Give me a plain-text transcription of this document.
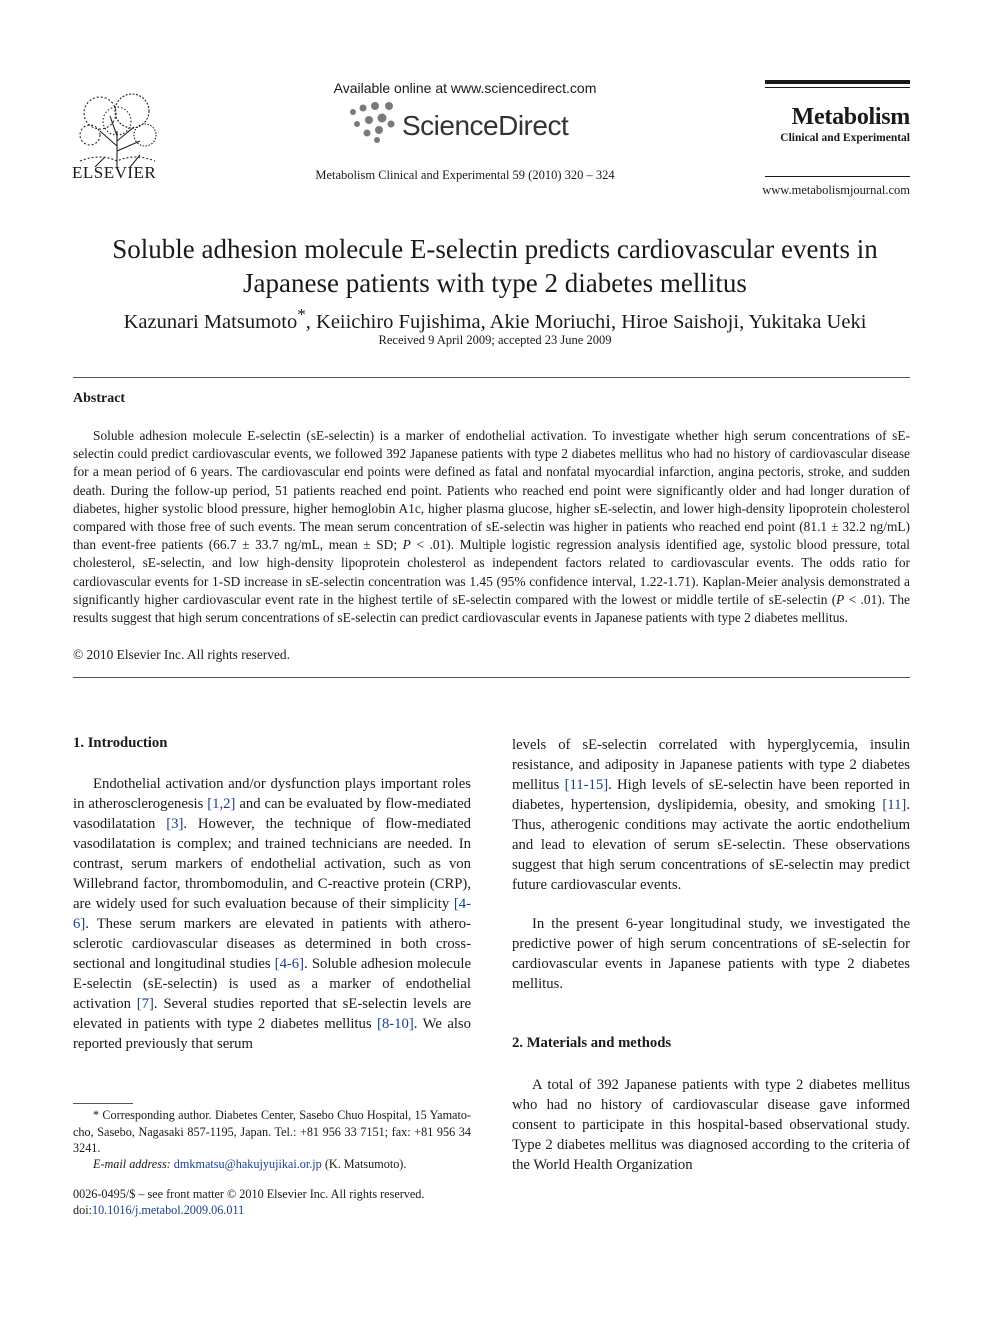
ELSEVIER
Available online at www.sciencedirect.com
ScienceDirect
Metabolism Clinical and Experimental 59 (2010) 320 – 324
Metabolism
Clinical and Experimental
www.metabolismjournal.com
Soluble adhesion molecule E-selectin predicts cardiovascular events in
Japanese patients with type 2 diabetes mellitus
Kazunari Matsumoto*, Keiichiro Fujishima, Akie Moriuchi, Hiroe Saishoji, Yukitaka Ueki
Received 9 April 2009; accepted 23 June 2009
Abstract

Soluble adhesion molecule E-selectin (sE-selectin) is a marker of endothelial activation. To investigate whether high serum concentrations of sE-selectin could predict cardiovascular events, we followed 392 Japanese patients with type 2 diabetes mellitus who had no history of cardiovascular disease for a mean period of 6 years. The cardiovascular end points were defined as fatal and nonfatal myocardial infarction, angina pectoris, stroke, and sudden death. During the follow-up period, 51 patients reached end point. Patients who reached end point were significantly older and had longer duration of diabetes, higher systolic blood pressure, higher hemoglobin A1c, higher plasma glucose, higher sE-selectin, and lower high-density lipoprotein cholesterol compared with those free of such events. The mean serum concentration of sE-selectin was higher in patients who reached end point (81.1 ± 32.2 ng/mL) than event-free patients (66.7 ± 33.7 ng/mL, mean ± SD; P < .01). Multiple logistic regression analysis identified age, systolic blood pressure, total cholesterol, sE-selectin, and low high-density lipoprotein cholesterol as independent factors related to cardiovascular events. The odds ratio for cardiovascular events for 1-SD increase in sE-selectin concentration was 1.45 (95% confidence interval, 1.22-1.71). Kaplan-Meier analysis demonstrated a significantly higher cardiovascular event rate in the highest tertile of sE-selectin compared with the lowest or middle tertile of sE-selectin (P < .01). The results suggest that high serum concentrations of sE-selectin can predict cardiovascular events in Japanese patients with type 2 diabetes mellitus.

© 2010 Elsevier Inc. All rights reserved.
1. Introduction

Endothelial activation and/or dysfunction plays important roles in atherosclerogenesis [1,2] and can be evaluated by flow-mediated vasodilatation [3]. However, the technique of flow-mediated vasodilatation is complex; and trained technicians are needed. In contrast, serum markers of endothelial activation, such as von Willebrand factor, thrombomodulin, and C-reactive protein (CRP), are widely used for such evaluation because of their simplicity [4-6]. These serum markers are elevated in patients with athero-sclerotic cardiovascular diseases as determined in both cross-sectional and longitudinal studies [4-6]. Soluble adhesion molecule E-selectin (sE-selectin) is used as a marker of endothelial activation [7]. Several studies reported that sE-selectin levels are elevated in patients with type 2 diabetes mellitus [8-10]. We also reported previously that serum

* Corresponding author. Diabetes Center, Sasebo Chuo Hospital, 15 Yamato-cho, Sasebo, Nagasaki 857-1195, Japan. Tel.: +81 956 33 7151; fax: +81 956 34 3241.

E-mail address: dmkmatsu@hakujyujikai.or.jp (K. Matsumoto).
0026-0495/$ – see front matter © 2010 Elsevier Inc. All rights reserved.
doi:10.1016/j.metabol.2009.06.011

levels of sE-selectin correlated with hyperglycemia, insulin resistance, and adiposity in Japanese patients with type 2 diabetes mellitus [11-15]. High levels of sE-selectin have been reported in diabetes, hypertension, dyslipidemia, obesity, and smoking [11]. Thus, atherogenic conditions may activate the aortic endothelium and lead to elevation of serum sE-selectin. These observations suggest that high serum concentrations of sE-selectin may predict future cardiovascular events.

In the present 6-year longitudinal study, we investigated the predictive power of high serum concentrations of sE-selectin for cardiovascular events in Japanese patients with type 2 diabetes mellitus.

2. Materials and methods

A total of 392 Japanese patients with type 2 diabetes mellitus who had no history of cardiovascular disease gave informed consent to participate in this hospital-based observational study. Type 2 diabetes mellitus was diagnosed according to the criteria of the World Health Organization
